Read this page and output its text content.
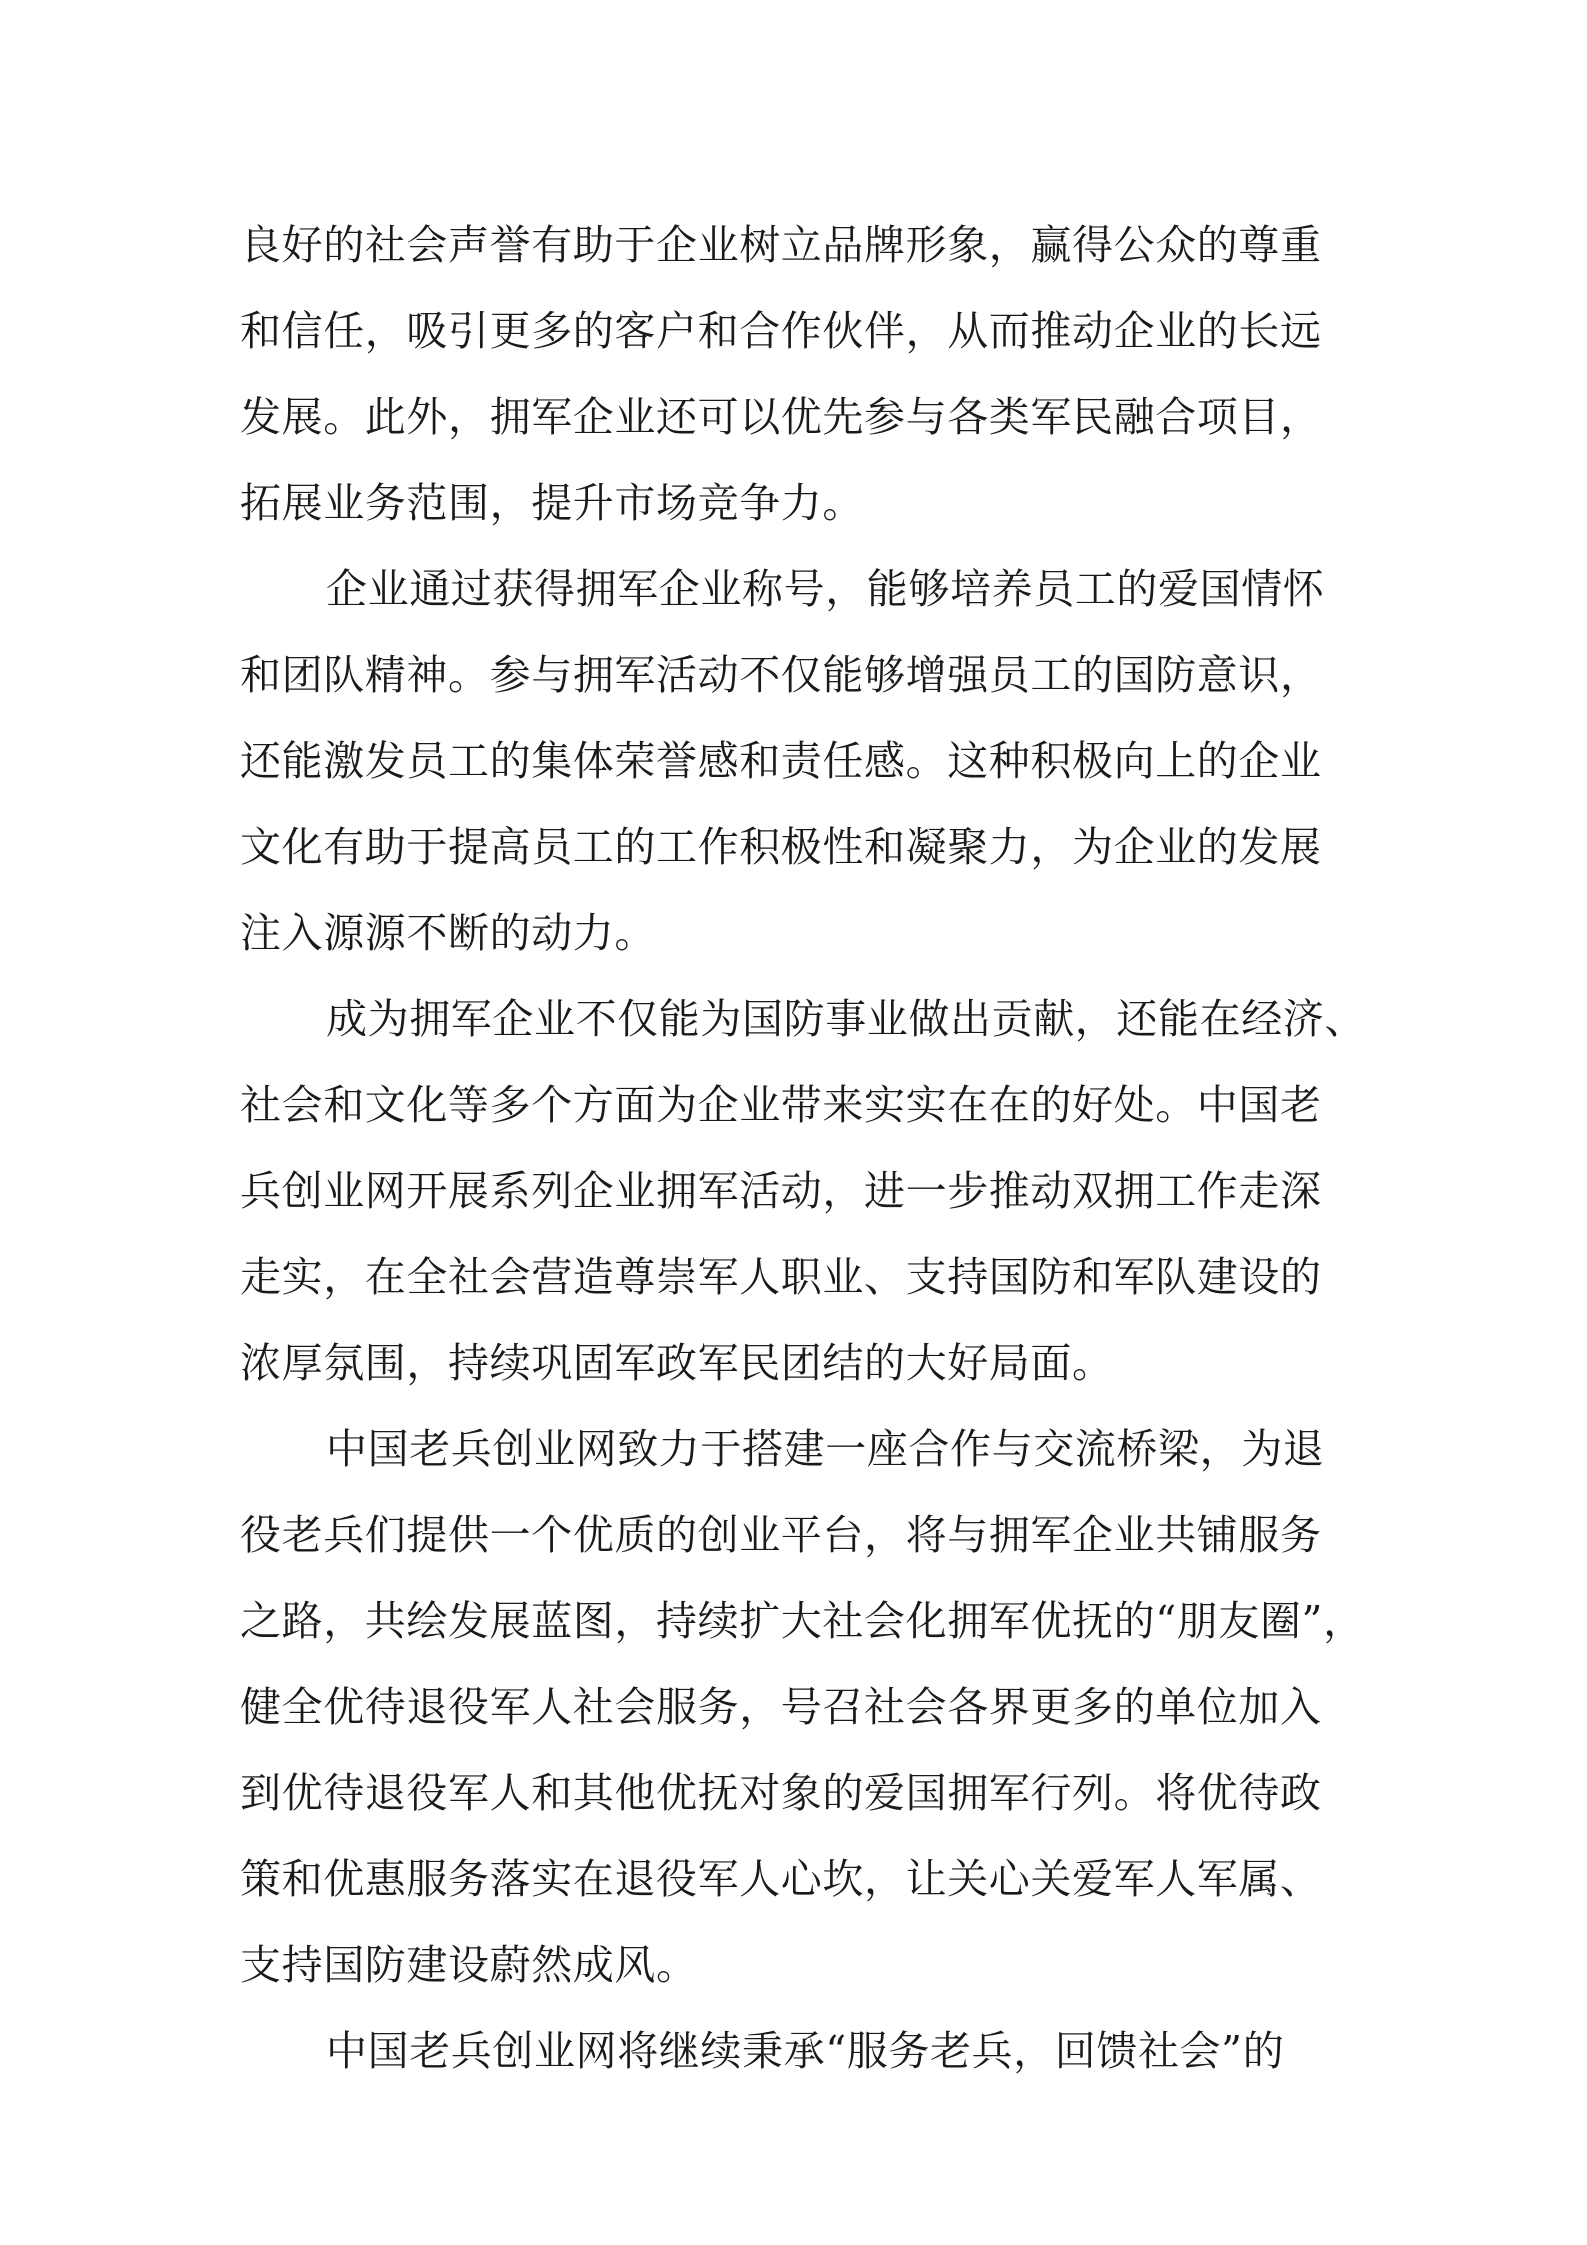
良好的社会声誉有助于企业树立品牌形象，赢得公众的尊重
和信任，吸引更多的客户和合作伙伴，从而推动企业的长远
发展。此外，拥军企业还可以优先参与各类军民融合项目，
拓展业务范围，提升市场竞争力。
企业通过获得拥军企业称号，能够培养员工的爱国情怀
和团队精神。参与拥军活动不仅能够增强员工的国防意识，
还能激发员工的集体荣誉感和责任感。这种积极向上的企业
文化有助于提高员工的工作积极性和凝聚力，为企业的发展
注入源源不断的动力。
成为拥军企业不仅能为国防事业做出贡献，还能在经济、
社会和文化等多个方面为企业带来实实在在的好处。中国老
兵创业网开展系列企业拥军活动，进一步推动双拥工作走深
走实，在全社会营造尊崇军人职业、支持国防和军队建设的
浓厚氛围，持续巩固军政军民团结的大好局面。
中国老兵创业网致力于搭建一座合作与交流桥梁，为退
役老兵们提供一个优质的创业平台，将与拥军企业共铺服务
之路，共绘发展蓝图，持续扩大社会化拥军优抚的“朋友圈”，
健全优待退役军人社会服务，号召社会各界更多的单位加入
到优待退役军人和其他优抚对象的爱国拥军行列。将优待政
策和优惠服务落实在退役军人心坎，让关心关爱军人军属、
支持国防建设蔚然成风。
中国老兵创业网将继续秉承“服务老兵，回馈社会”的
